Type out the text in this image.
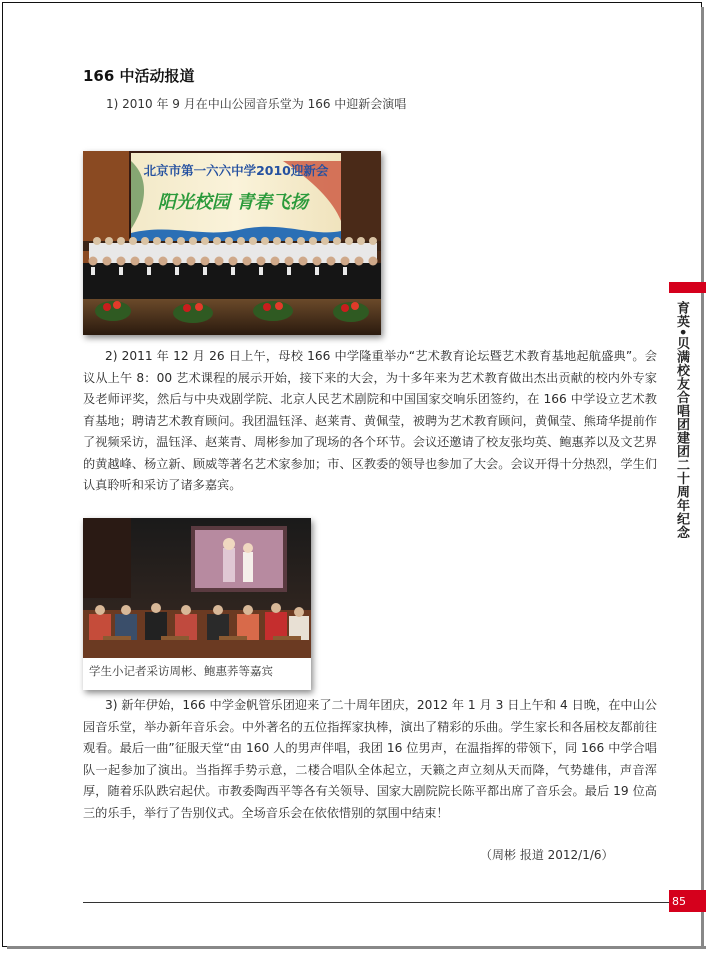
166 中活动报道

1) 2010 年 9 月在中山公园音乐堂为 166 中迎新会演唱

北京市第一六六中学2010迎新会
阳光校园 青春飞扬

2) 2011 年 12 月 26 日上午，母校 166 中学隆重举办“艺术教育论坛暨艺术教育基地起航盛典”。会议从上午 8：00 艺术课程的展示开始，接下来的大会，为十多年来为艺术教育做出杰出贡献的校内外专家及老师评奖，然后与中央戏剧学院、北京人民艺术剧院和中国国家交响乐团签约，在 166 中学设立艺术教育基地；聘请艺术教育顾问。我团温钰泽、赵莱青、黄佩莹，被聘为艺术教育顾问，黄佩莹、熊琦华提前作了视频采访，温钰泽、赵莱青、周彬参加了现场的各个环节。会议还邀请了校友张均英、鲍惠荞以及文艺界的黄越峰、杨立新、顾威等著名艺术家参加；市、区教委的领导也参加了大会。会议开得十分热烈，学生们认真聆听和采访了诸多嘉宾。

学生小记者采访周彬、鲍惠荞等嘉宾

3) 新年伊始，166 中学金帆管乐团迎来了二十周年团庆，2012 年 1 月 3 日上午和 4 日晚，在中山公园音乐堂，举办新年音乐会。中外著名的五位指挥家执棒，演出了精彩的乐曲。学生家长和各届校友都前往观看。最后一曲”征服天堂“由 160 人的男声伴唱，我团 16 位男声，在温指挥的带领下，同 166 中学合唱队一起参加了演出。当指挥手势示意，二楼合唱队全体起立，天籁之声立刻从天而降，气势雄伟，声音浑厚，随着乐队跌宕起伏。市教委陶西平等各有关领导、国家大剧院院长陈平都出席了音乐会。最后 19 位高三的乐手，举行了告别仪式。全场音乐会在依依惜别的氛围中结束！

（周彬 报道 2012/1/6）

育英•贝满校友合唱团建团二十周年纪念

85
